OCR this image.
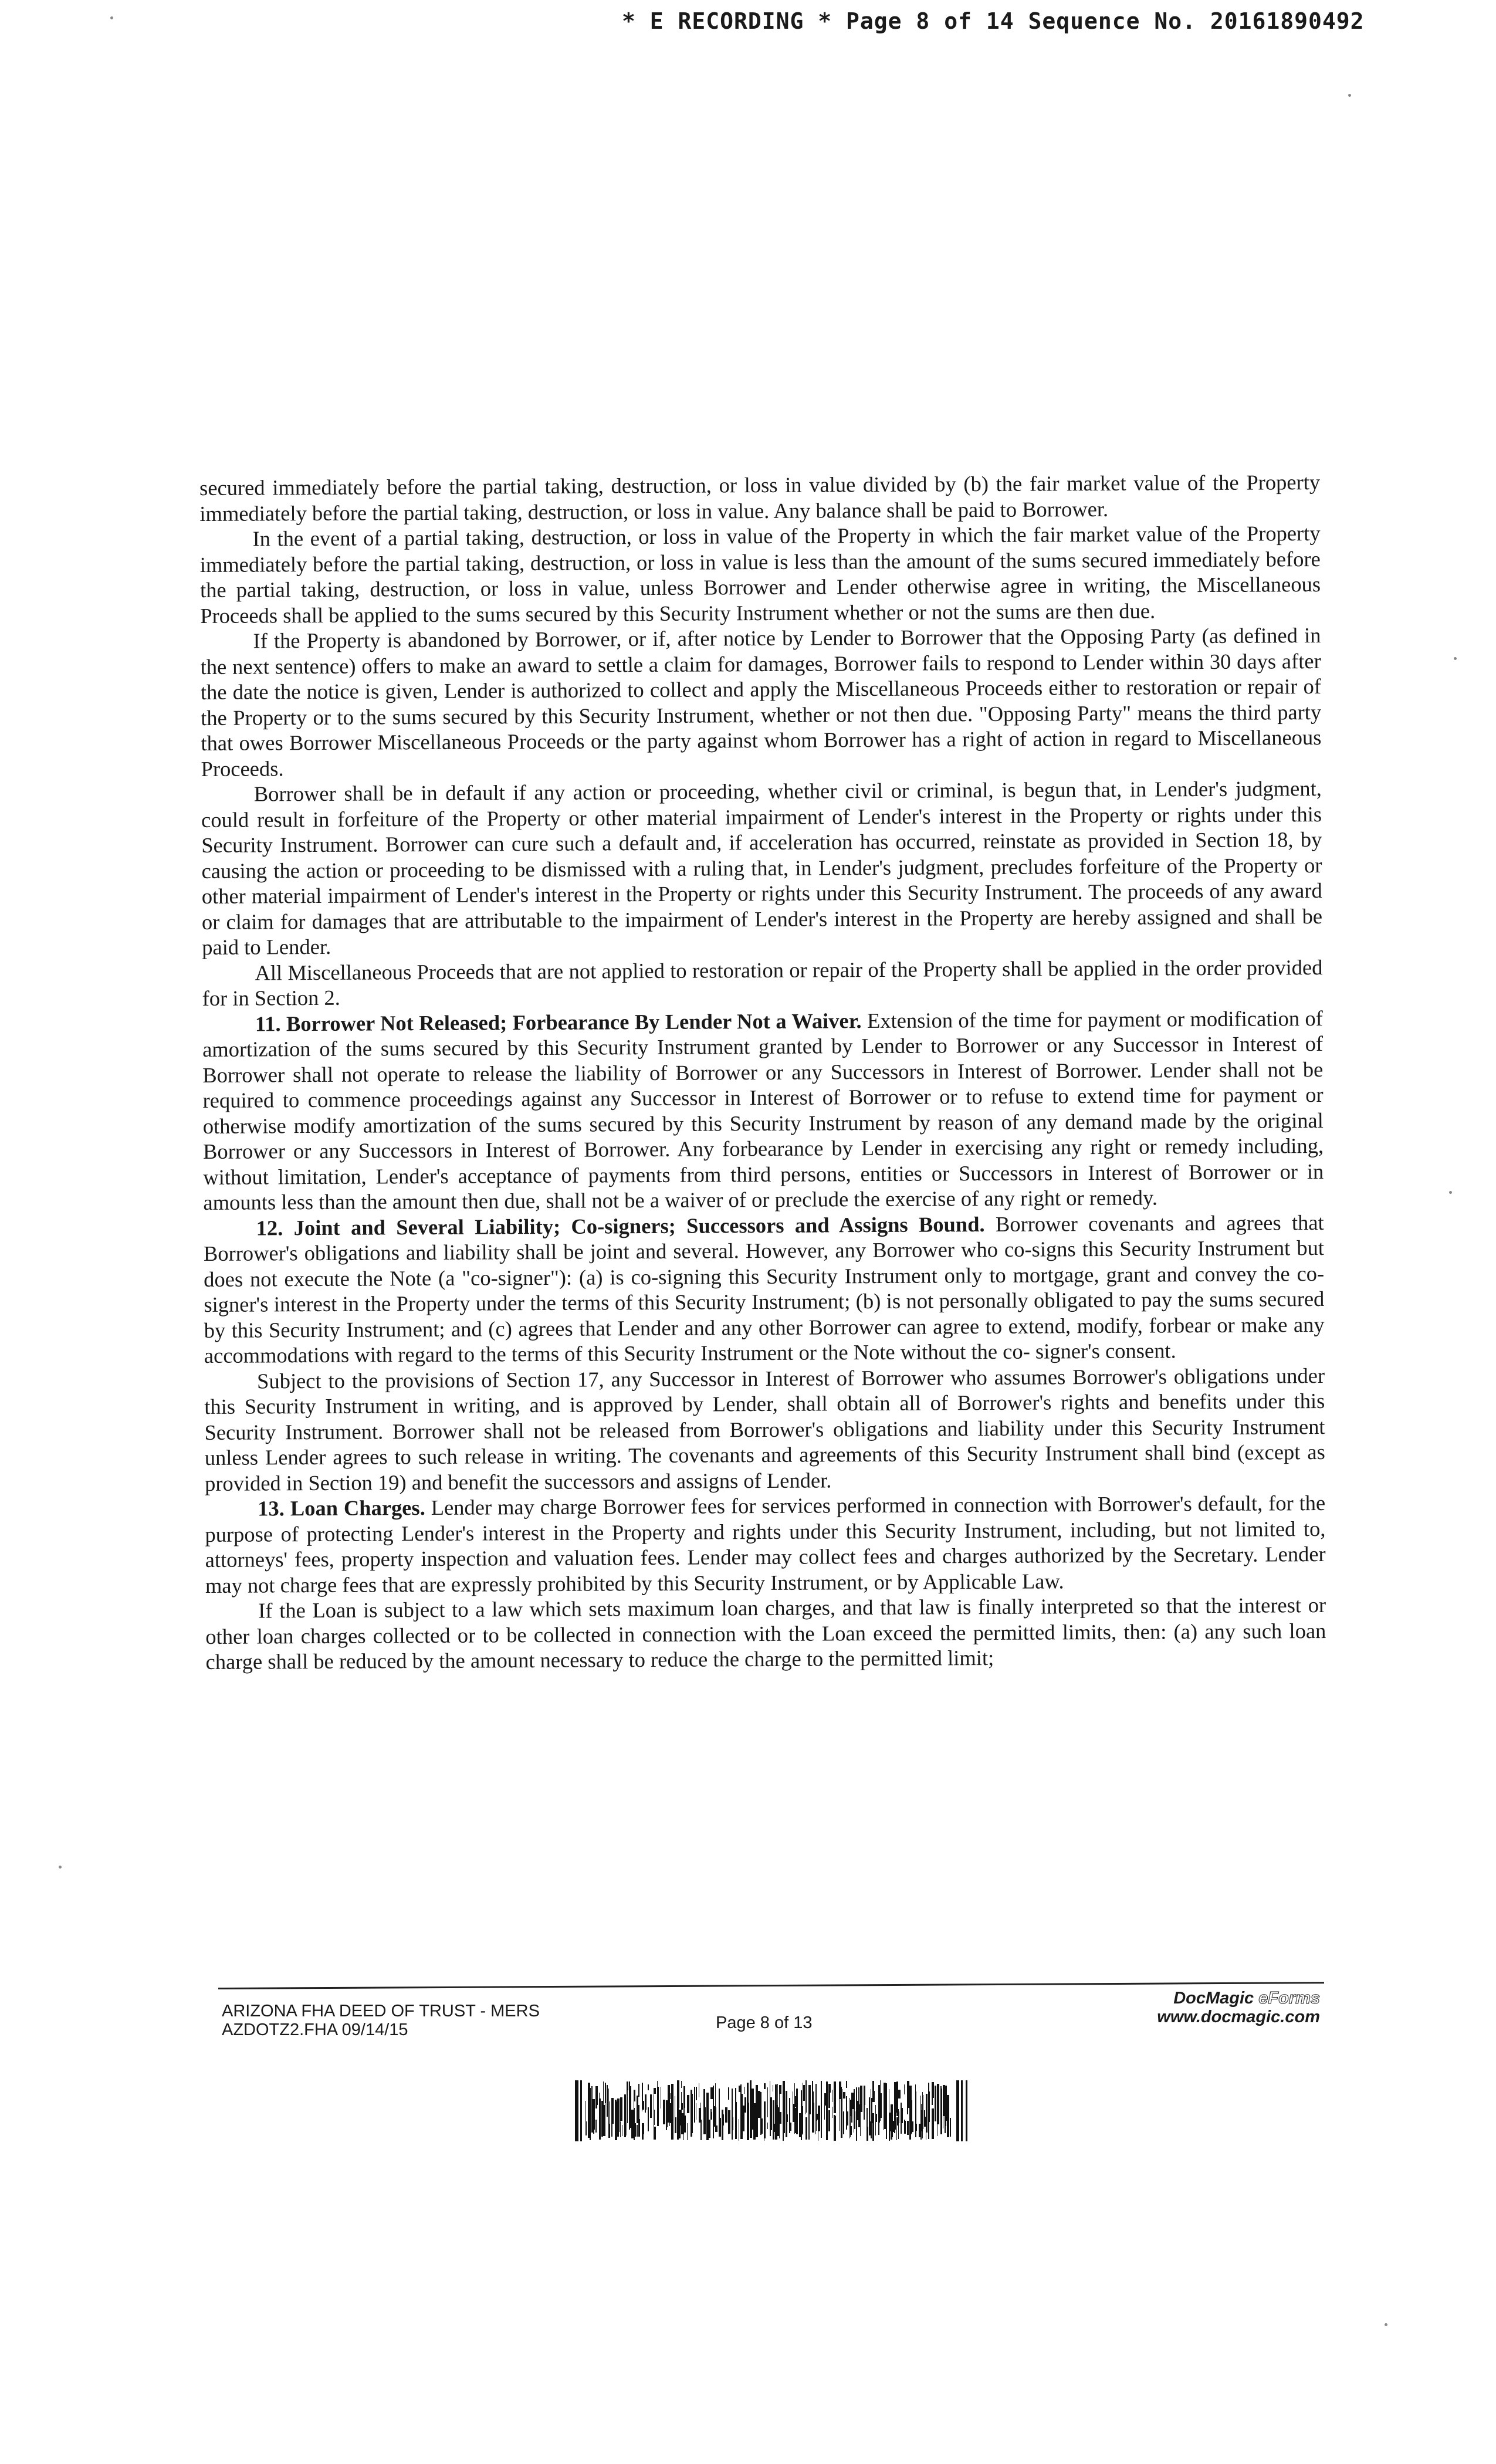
* E RECORDING * Page 8 of 14 Sequence No. 20161890492

secured immediately before the partial taking, destruction, or loss in value divided by (b) the fair market value of the Property immediately before the partial taking, destruction, or loss in value. Any balance shall be paid to Borrower.

In the event of a partial taking, destruction, or loss in value of the Property in which the fair market value of the Property immediately before the partial taking, destruction, or loss in value is less than the amount of the sums secured immediately before the partial taking, destruction, or loss in value, unless Borrower and Lender otherwise agree in writing, the Miscellaneous Proceeds shall be applied to the sums secured by this Security Instrument whether or not the sums are then due.

If the Property is abandoned by Borrower, or if, after notice by Lender to Borrower that the Opposing Party (as defined in the next sentence) offers to make an award to settle a claim for damages, Borrower fails to respond to Lender within 30 days after the date the notice is given, Lender is authorized to collect and apply the Miscellaneous Proceeds either to restoration or repair of the Property or to the sums secured by this Security Instrument, whether or not then due. "Opposing Party" means the third party that owes Borrower Miscellaneous Proceeds or the party against whom Borrower has a right of action in regard to Miscellaneous Proceeds.

Borrower shall be in default if any action or proceeding, whether civil or criminal, is begun that, in Lender's judgment, could result in forfeiture of the Property or other material impairment of Lender's interest in the Property or rights under this Security Instrument. Borrower can cure such a default and, if acceleration has occurred, reinstate as provided in Section 18, by causing the action or proceeding to be dismissed with a ruling that, in Lender's judgment, precludes forfeiture of the Property or other material impairment of Lender's interest in the Property or rights under this Security Instrument. The proceeds of any award or claim for damages that are attributable to the impairment of Lender's interest in the Property are hereby assigned and shall be paid to Lender.

All Miscellaneous Proceeds that are not applied to restoration or repair of the Property shall be applied in the order provided for in Section 2.

11. Borrower Not Released; Forbearance By Lender Not a Waiver. Extension of the time for payment or modification of amortization of the sums secured by this Security Instrument granted by Lender to Borrower or any Successor in Interest of Borrower shall not operate to release the liability of Borrower or any Successors in Interest of Borrower. Lender shall not be required to commence proceedings against any Successor in Interest of Borrower or to refuse to extend time for payment or otherwise modify amortization of the sums secured by this Security Instrument by reason of any demand made by the original Borrower or any Successors in Interest of Borrower. Any forbearance by Lender in exercising any right or remedy including, without limitation, Lender's acceptance of payments from third persons, entities or Successors in Interest of Borrower or in amounts less than the amount then due, shall not be a waiver of or preclude the exercise of any right or remedy.

12. Joint and Several Liability; Co-signers; Successors and Assigns Bound. Borrower covenants and agrees that Borrower's obligations and liability shall be joint and several. However, any Borrower who co-signs this Security Instrument but does not execute the Note (a "co-signer"): (a) is co-signing this Security Instrument only to mortgage, grant and convey the co-signer's interest in the Property under the terms of this Security Instrument; (b) is not personally obligated to pay the sums secured by this Security Instrument; and (c) agrees that Lender and any other Borrower can agree to extend, modify, forbear or make any accommodations with regard to the terms of this Security Instrument or the Note without the co- signer's consent.

Subject to the provisions of Section 17, any Successor in Interest of Borrower who assumes Borrower's obligations under this Security Instrument in writing, and is approved by Lender, shall obtain all of Borrower's rights and benefits under this Security Instrument. Borrower shall not be released from Borrower's obligations and liability under this Security Instrument unless Lender agrees to such release in writing. The covenants and agreements of this Security Instrument shall bind (except as provided in Section 19) and benefit the successors and assigns of Lender.

13. Loan Charges. Lender may charge Borrower fees for services performed in connection with Borrower's default, for the purpose of protecting Lender's interest in the Property and rights under this Security Instrument, including, but not limited to, attorneys' fees, property inspection and valuation fees. Lender may collect fees and charges authorized by the Secretary. Lender may not charge fees that are expressly prohibited by this Security Instrument, or by Applicable Law.

If the Loan is subject to a law which sets maximum loan charges, and that law is finally interpreted so that the interest or other loan charges collected or to be collected in connection with the Loan exceed the permitted limits, then: (a) any such loan charge shall be reduced by the amount necessary to reduce the charge to the permitted limit;

ARIZONA FHA DEED OF TRUST - MERS
AZDOTZ2.FHA 09/14/15	Page 8 of 13
DocMagic eForms
www.docmagic.com
